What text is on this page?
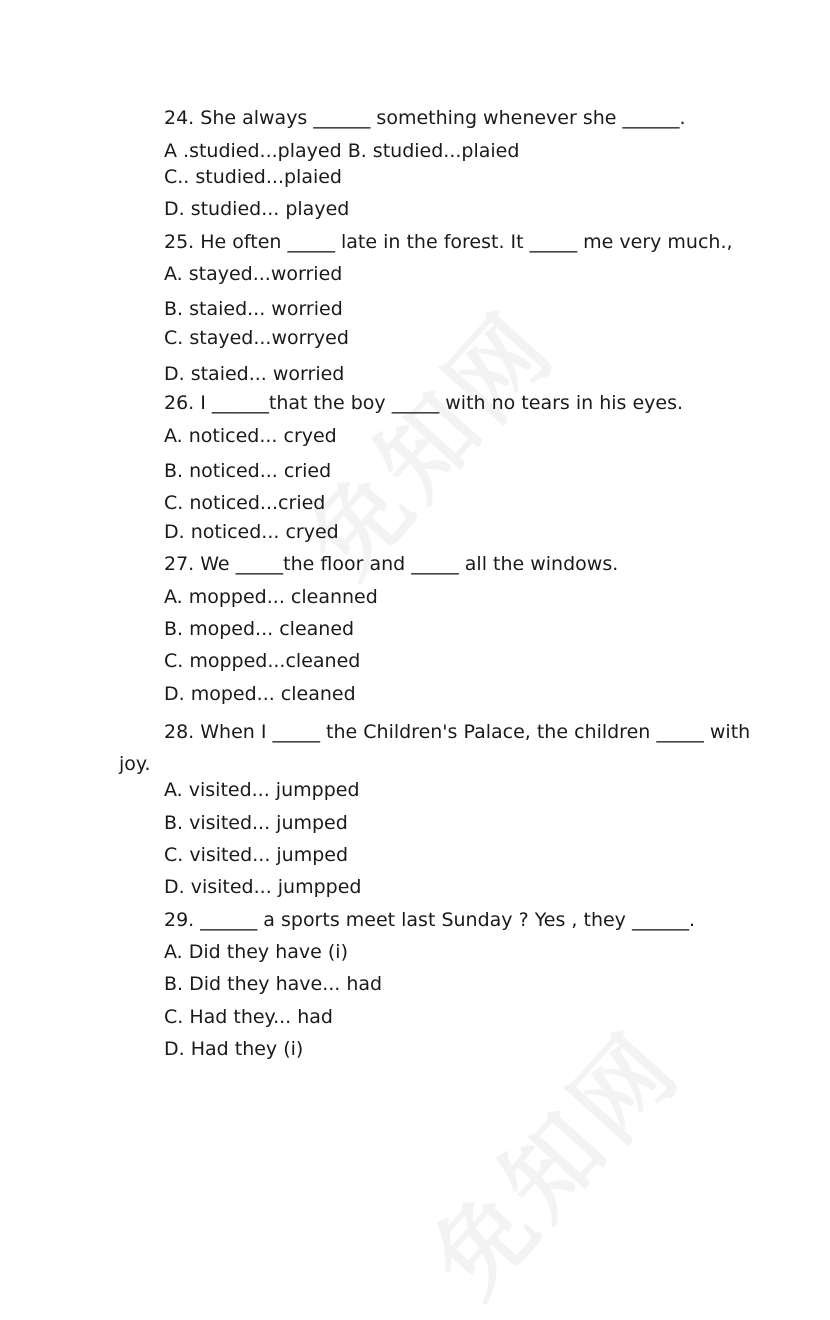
24. She always ______ something whenever she ______.
A .studied...played B. studied...plaied
C.. studied...plaied
D. studied... played
25. He often _____ late in the forest. It _____ me very much.,
A. stayed...worried
B. staied... worried
C. stayed...worryed
D. staied... worried
26. I ______that the boy _____ with no tears in his eyes.
A. noticed... cryed
B. noticed... cried
C. noticed...cried
D. noticed... cryed
27. We _____the floor and _____ all the windows.
A. mopped... cleanned
B. moped... cleaned
C. mopped...cleaned
D. moped... cleaned
28. When I _____ the Children's Palace, the children _____ with
joy.
A. visited... jumpped
B. visited... jumped
C. visited... jumped
D. visited... jumpped
29. ______ a sports meet last Sunday ? Yes , they ______.
A. Did they have (i)
B. Did they have... had
C. Had they... had
D. Had they (i)
